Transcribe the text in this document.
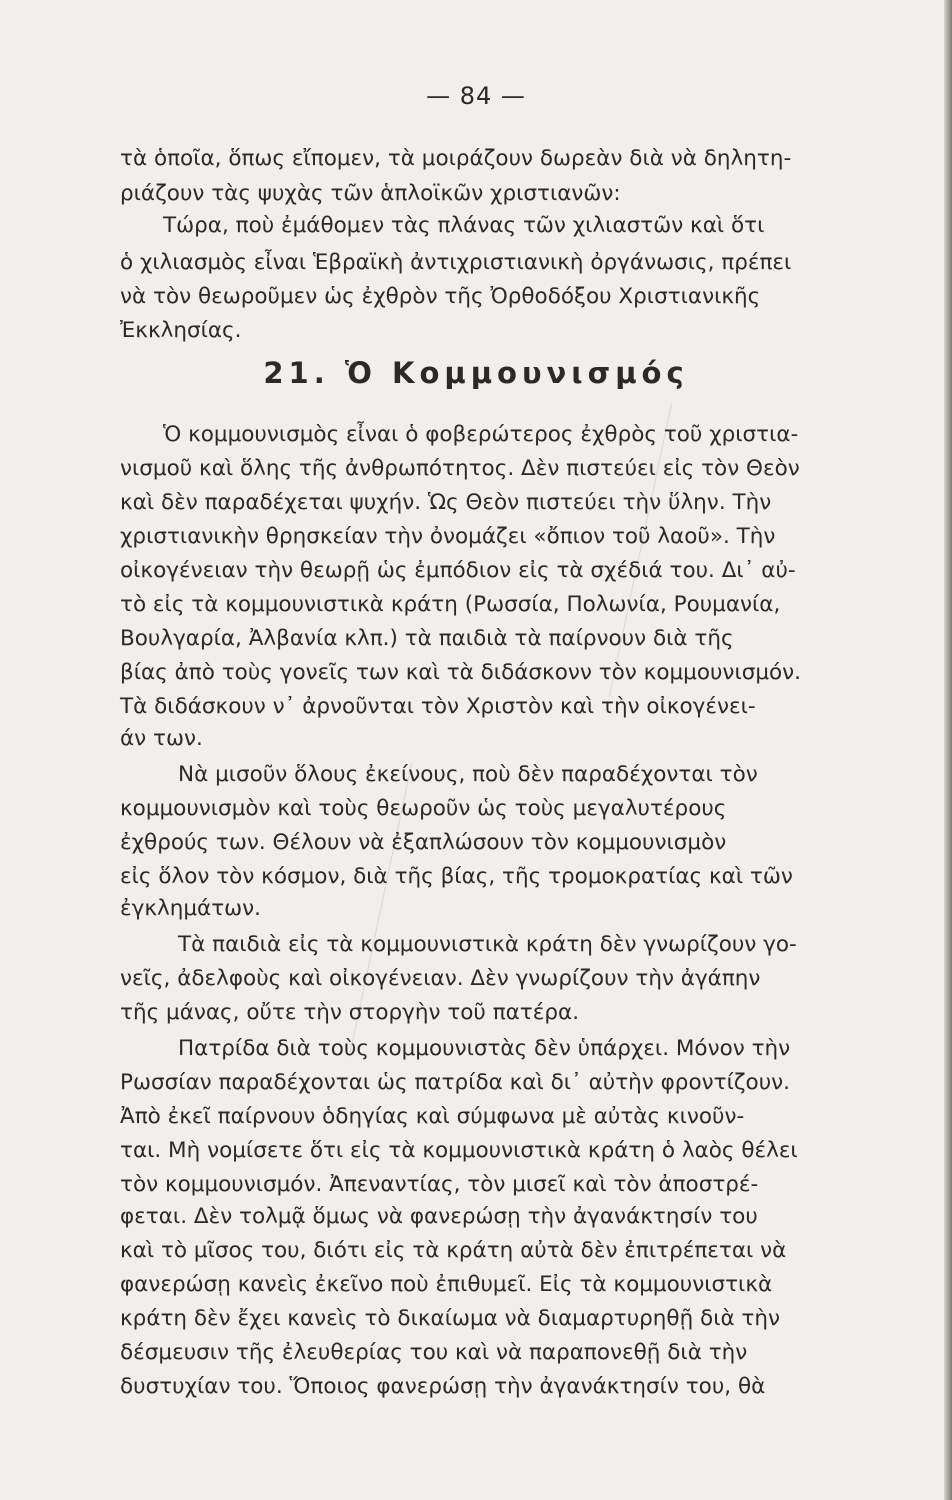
— 84 —
τὰ ὁποῖα, ὅπως εἴπομεν, τὰ μοιράζουν δωρεὰν διὰ νὰ δηλητη-
ριάζουν τὰς ψυχὰς τῶν ἁπλοϊκῶν χριστιανῶν:
Τώρα, ποὺ ἐμάθομεν τὰς πλάνας τῶν χιλιαστῶν καὶ ὅτι
ὁ χιλιασμὸς εἶναι Ἑβραϊκὴ ἀντιχριστιανικὴ ὀργάνωσις, πρέπει
νὰ τὸν θεωροῦμεν ὡς ἐχθρὸν τῆς Ὀρθοδόξου Χριστιανικῆς
Ἐκκλησίας.
21. Ὁ Κομμουνισμός
Ὁ κομμουνισμὸς εἶναι ὁ φοβερώτερος ἐχθρὸς τοῦ χριστια-
νισμοῦ καὶ ὅλης τῆς ἀνθρωπότητος. Δὲν πιστεύει εἰς τὸν Θεὸν
καὶ δὲν παραδέχεται ψυχήν. Ὡς Θεὸν πιστεύει τὴν ὕλην. Τὴν
χριστιανικὴν θρησκείαν τὴν ὀνομάζει «ὄπιον τοῦ λαοῦ». Τὴν
οἰκογένειαν τὴν θεωρῇ ὡς ἐμπόδιον εἰς τὰ σχέδιά του. Δι᾽ αὐ-
τὸ εἰς τὰ κομμουνιστικὰ κράτη (Ρωσσία, Πολωνία, Ρουμανία,
Βουλγαρία, Ἀλβανία κλπ.) τὰ παιδιὰ τὰ παίρνουν διὰ τῆς
βίας ἀπὸ τοὺς γονεῖς των καὶ τὰ διδάσκονν τὸν κομμουνισμόν.
Τὰ διδάσκουν ν᾽ ἀρνοῦνται τὸν Χριστὸν καὶ τὴν οἰκογένει-
άν των.
Νὰ μισοῦν ὅλους ἐκείνους, ποὺ δὲν παραδέχονται τὸν
κομμουνισμὸν καὶ τοὺς θεωροῦν ὡς τοὺς μεγαλυτέρους
ἐχθρούς των. Θέλουν νὰ ἐξαπλώσουν τὸν κομμουνισμὸν
εἰς ὅλον τὸν κόσμον, διὰ τῆς βίας, τῆς τρομοκρατίας καὶ τῶν
ἐγκλημάτων.
Τὰ παιδιὰ εἰς τὰ κομμουνιστικὰ κράτη δὲν γνωρίζουν γο-
νεῖς, ἀδελφοὺς καὶ οἰκογένειαν. Δὲν γνωρίζουν τὴν ἀγάπην
τῆς μάνας, οὔτε τὴν στοργὴν τοῦ πατέρα.
Πατρίδα διὰ τοὺς κομμουνιστὰς δὲν ὑπάρχει. Μόνον τὴν
Ρωσσίαν παραδέχονται ὡς πατρίδα καὶ δι᾽ αὐτὴν φροντίζουν.
Ἀπὸ ἐκεῖ παίρνουν ὁδηγίας καὶ σύμφωνα μὲ αὐτὰς κινοῦν-
ται. Μὴ νομίσετε ὅτι εἰς τὰ κομμουνιστικὰ κράτη ὁ λαὸς θέλει
τὸν κομμουνισμόν. Ἀπεναντίας, τὸν μισεῖ καὶ τὸν ἀποστρέ-
φεται. Δὲν τολμᾷ ὅμως νὰ φανερώσῃ τὴν ἀγανάκτησίν του
καὶ τὸ μῖσος του, διότι εἰς τὰ κράτη αὐτὰ δὲν ἐπιτρέπεται νὰ
φανερώσῃ κανεὶς ἐκεῖνο ποὺ ἐπιθυμεῖ. Εἰς τὰ κομμουνιστικὰ
κράτη δὲν ἔχει κανεὶς τὸ δικαίωμα νὰ διαμαρτυρηθῇ διὰ τὴν
δέσμευσιν τῆς ἐλευθερίας του καὶ νὰ παραπονεθῇ διὰ τὴν
δυστυχίαν του. Ὅποιος φανερώσῃ τὴν ἀγανάκτησίν του, θὰ
